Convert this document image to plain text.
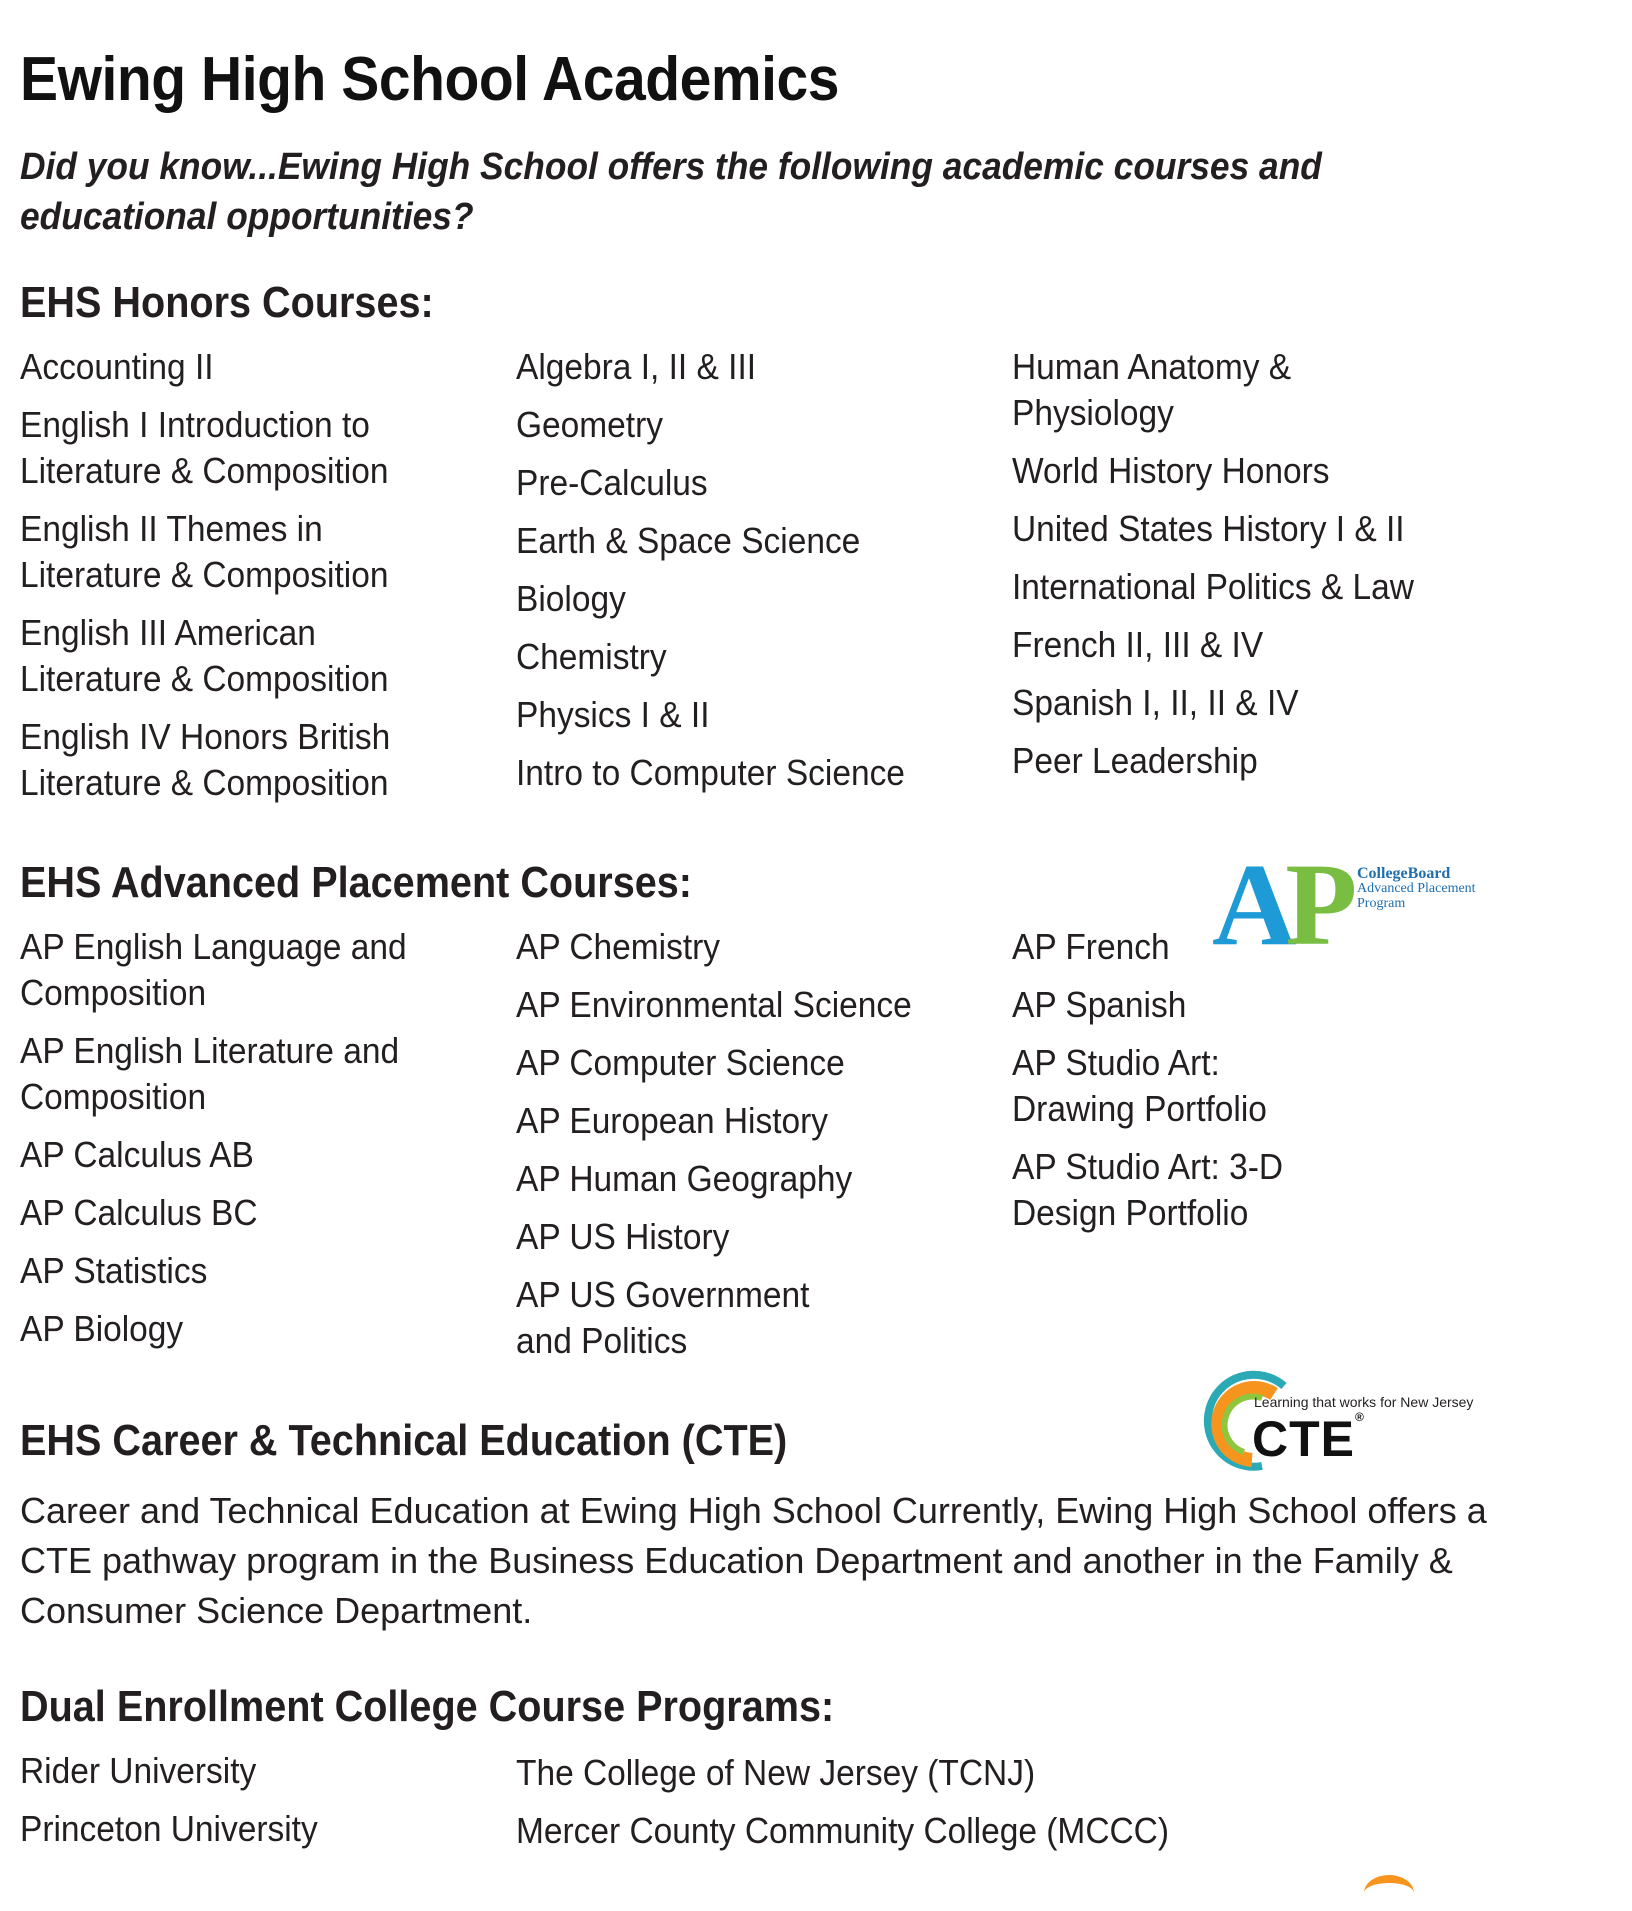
Ewing High School Academics

Did you know...Ewing High School offers the following academic courses and educational opportunities?

EHS Honors Courses:
Accounting II
English I Introduction to Literature & Composition
English II Themes in Literature & Composition
English III American Literature & Composition
English IV Honors British Literature & Composition
Algebra I, II & III
Geometry
Pre-Calculus
Earth & Space Science
Biology
Chemistry
Physics I & II
Intro to Computer Science
Human Anatomy & Physiology
World History Honors
United States History I & II
International Politics & Law
French II, III & IV
Spanish I, II, II & IV
Peer Leadership
EHS Advanced Placement Courses:	AP CollegeBoard
Advanced Placement
Program
AP English Language and Composition
AP English Literature and Composition
AP Calculus AB
AP Calculus BC
AP Statistics
AP Biology
AP Chemistry
AP Environmental Science
AP Computer Science
AP European History
AP Human Geography
AP US History
AP US Government and Politics
AP French
AP Spanish
AP Studio Art: Drawing Portfolio
AP Studio Art: 3-D Design Portfolio
EHS Career & Technical Education (CTE)
Learning that works for New Jersey
CTE®

Career and Technical Education at Ewing High School Currently, Ewing High School offers a CTE pathway program in the Business Education Department and another in the Family & Consumer Science Department.

Dual Enrollment College Course Programs:
Rider University
Princeton University
The College of New Jersey (TCNJ)
Mercer County Community College (MCCC)
